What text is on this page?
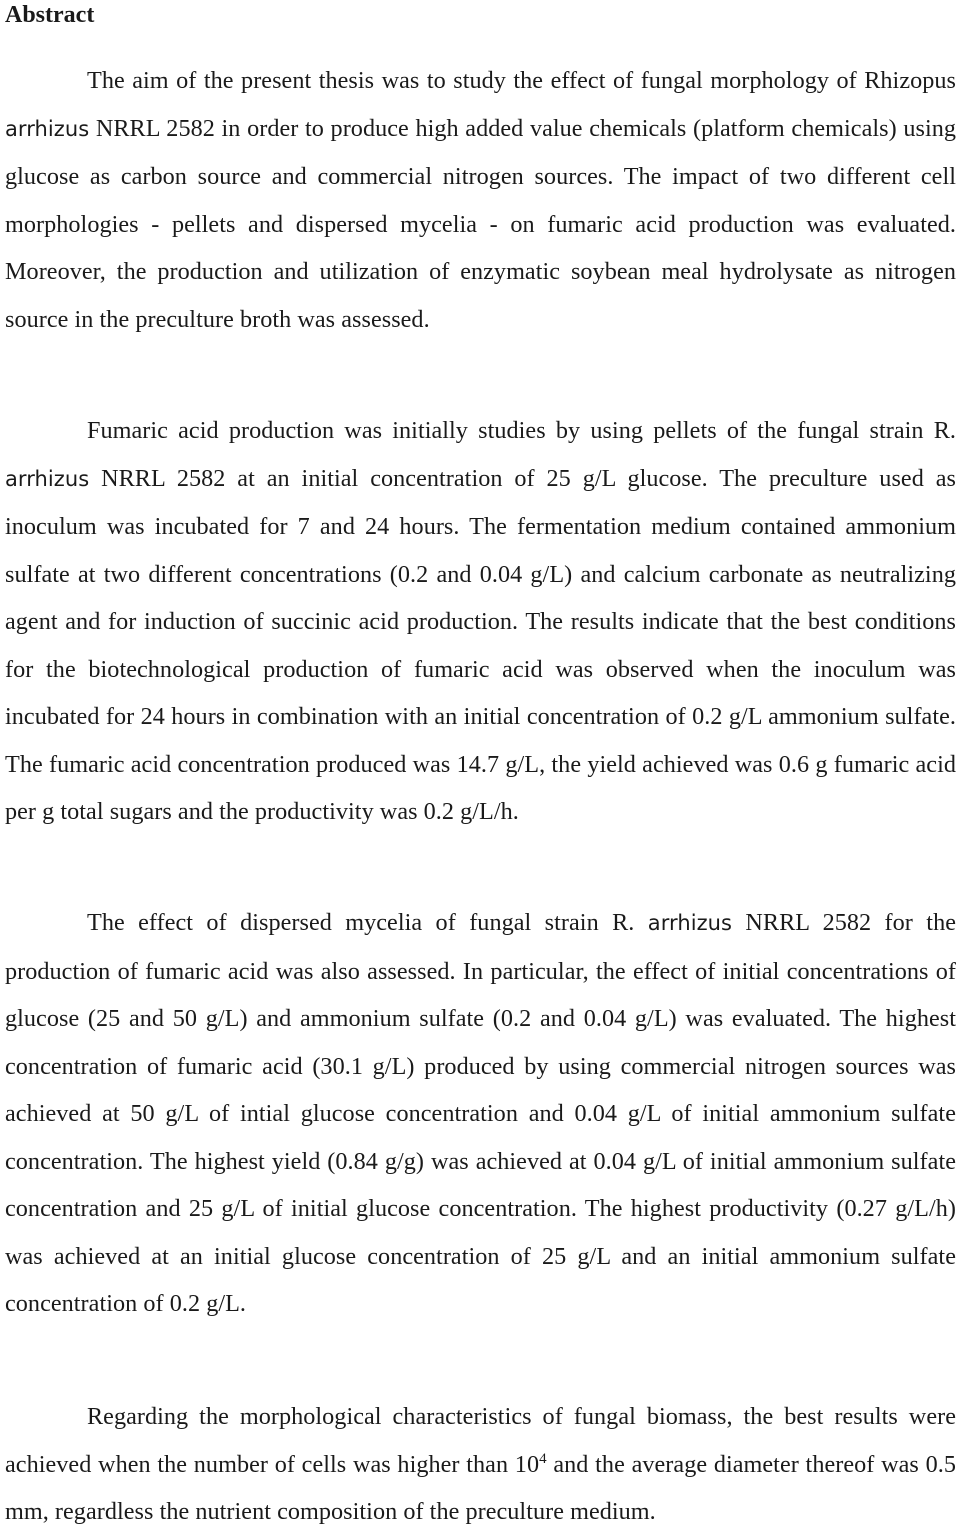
Abstract

The aim of the present thesis was to study the effect of fungal morphology of Rhizopus arrhizus NRRL 2582 in order to produce high added value chemicals (platform chemicals) using glucose as carbon source and commercial nitrogen sources. The impact of two different cell morphologies - pellets and dispersed mycelia - on fumaric acid production was evaluated. Moreover, the production and utilization of enzymatic soybean meal hydrolysate as nitrogen source in the preculture broth was assessed.

Fumaric acid production was initially studies by using pellets of the fungal strain R. arrhizus NRRL 2582 at an initial concentration of 25 g/L glucose. The preculture used as inoculum was incubated for 7 and 24 hours. The fermentation medium contained ammonium sulfate at two different concentrations (0.2 and 0.04 g/L) and calcium carbonate as neutralizing agent and for induction of succinic acid production. The results indicate that the best conditions for the biotechnological production of fumaric acid was observed when the inoculum was incubated for 24 hours in combination with an initial concentration of 0.2 g/L ammonium sulfate. The fumaric acid concentration produced was 14.7 g/L, the yield achieved was 0.6 g fumaric acid per g total sugars and the productivity was 0.2 g/L/h.

The effect of dispersed mycelia of fungal strain R. arrhizus NRRL 2582 for the production of fumaric acid was also assessed. In particular, the effect of initial concentrations of glucose (25 and 50 g/L) and ammonium sulfate (0.2 and 0.04 g/L) was evaluated. The highest concentration of fumaric acid (30.1 g/L) produced by using commercial nitrogen sources was achieved at 50 g/L of intial glucose concentration and 0.04 g/L of initial ammonium sulfate concentration. The highest yield (0.84 g/g) was achieved at 0.04 g/L of initial ammonium sulfate concentration and 25 g/L of initial glucose concentration. The highest productivity (0.27 g/L/h) was achieved at an initial glucose concentration of 25 g/L and an initial ammonium sulfate concentration of 0.2 g/L.

Regarding the morphological characteristics of fungal biomass, the best results were achieved when the number of cells was higher than $10^4$ and the average diameter thereof was 0.5 mm, regardless the nutrient composition of the preculture medium.
